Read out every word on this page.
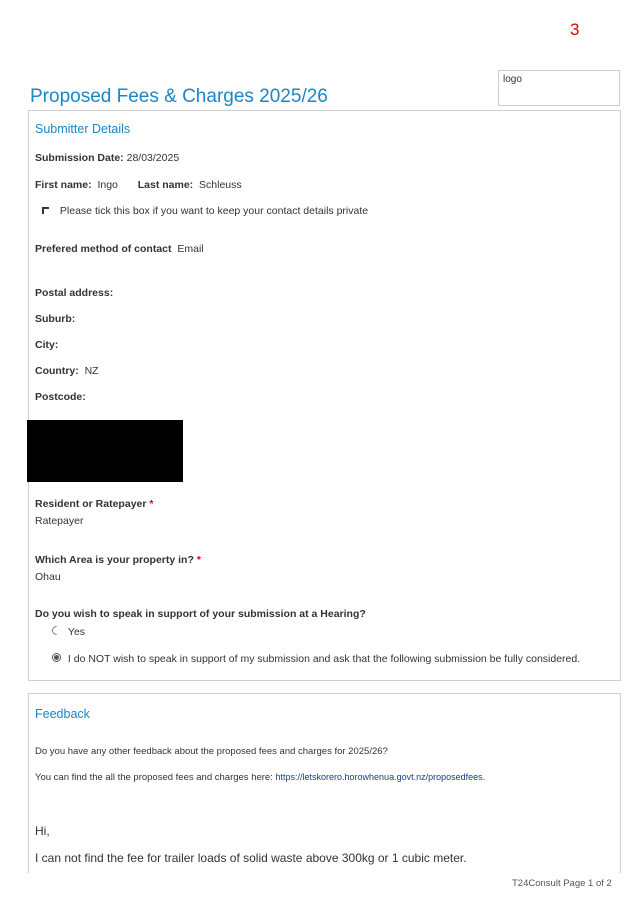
3
logo
Proposed Fees & Charges 2025/26
Submitter Details
Submission Date: 28/03/2025
First name: Ingo Last name: Schleuss
Please tick this box if you want to keep your contact details private
Prefered method of contact Email
Postal address:
Suburb:
City:
Country: NZ
Postcode:
Resident or Ratepayer *
Ratepayer
Which Area is your property in? *
Ohau
Do you wish to speak in support of your submission at a Hearing?
Yes
I do NOT wish to speak in support of my submission and ask that the following submission be fully considered.
Feedback
Do you have any other feedback about the proposed fees and charges for 2025/26?
You can find the all the proposed fees and charges here: https://letskorero.horowhenua.govt.nz/proposedfees.
Hi,
I can not find the fee for trailer loads of solid waste above 300kg or 1 cubic meter.
T24Consult Page 1 of 2
